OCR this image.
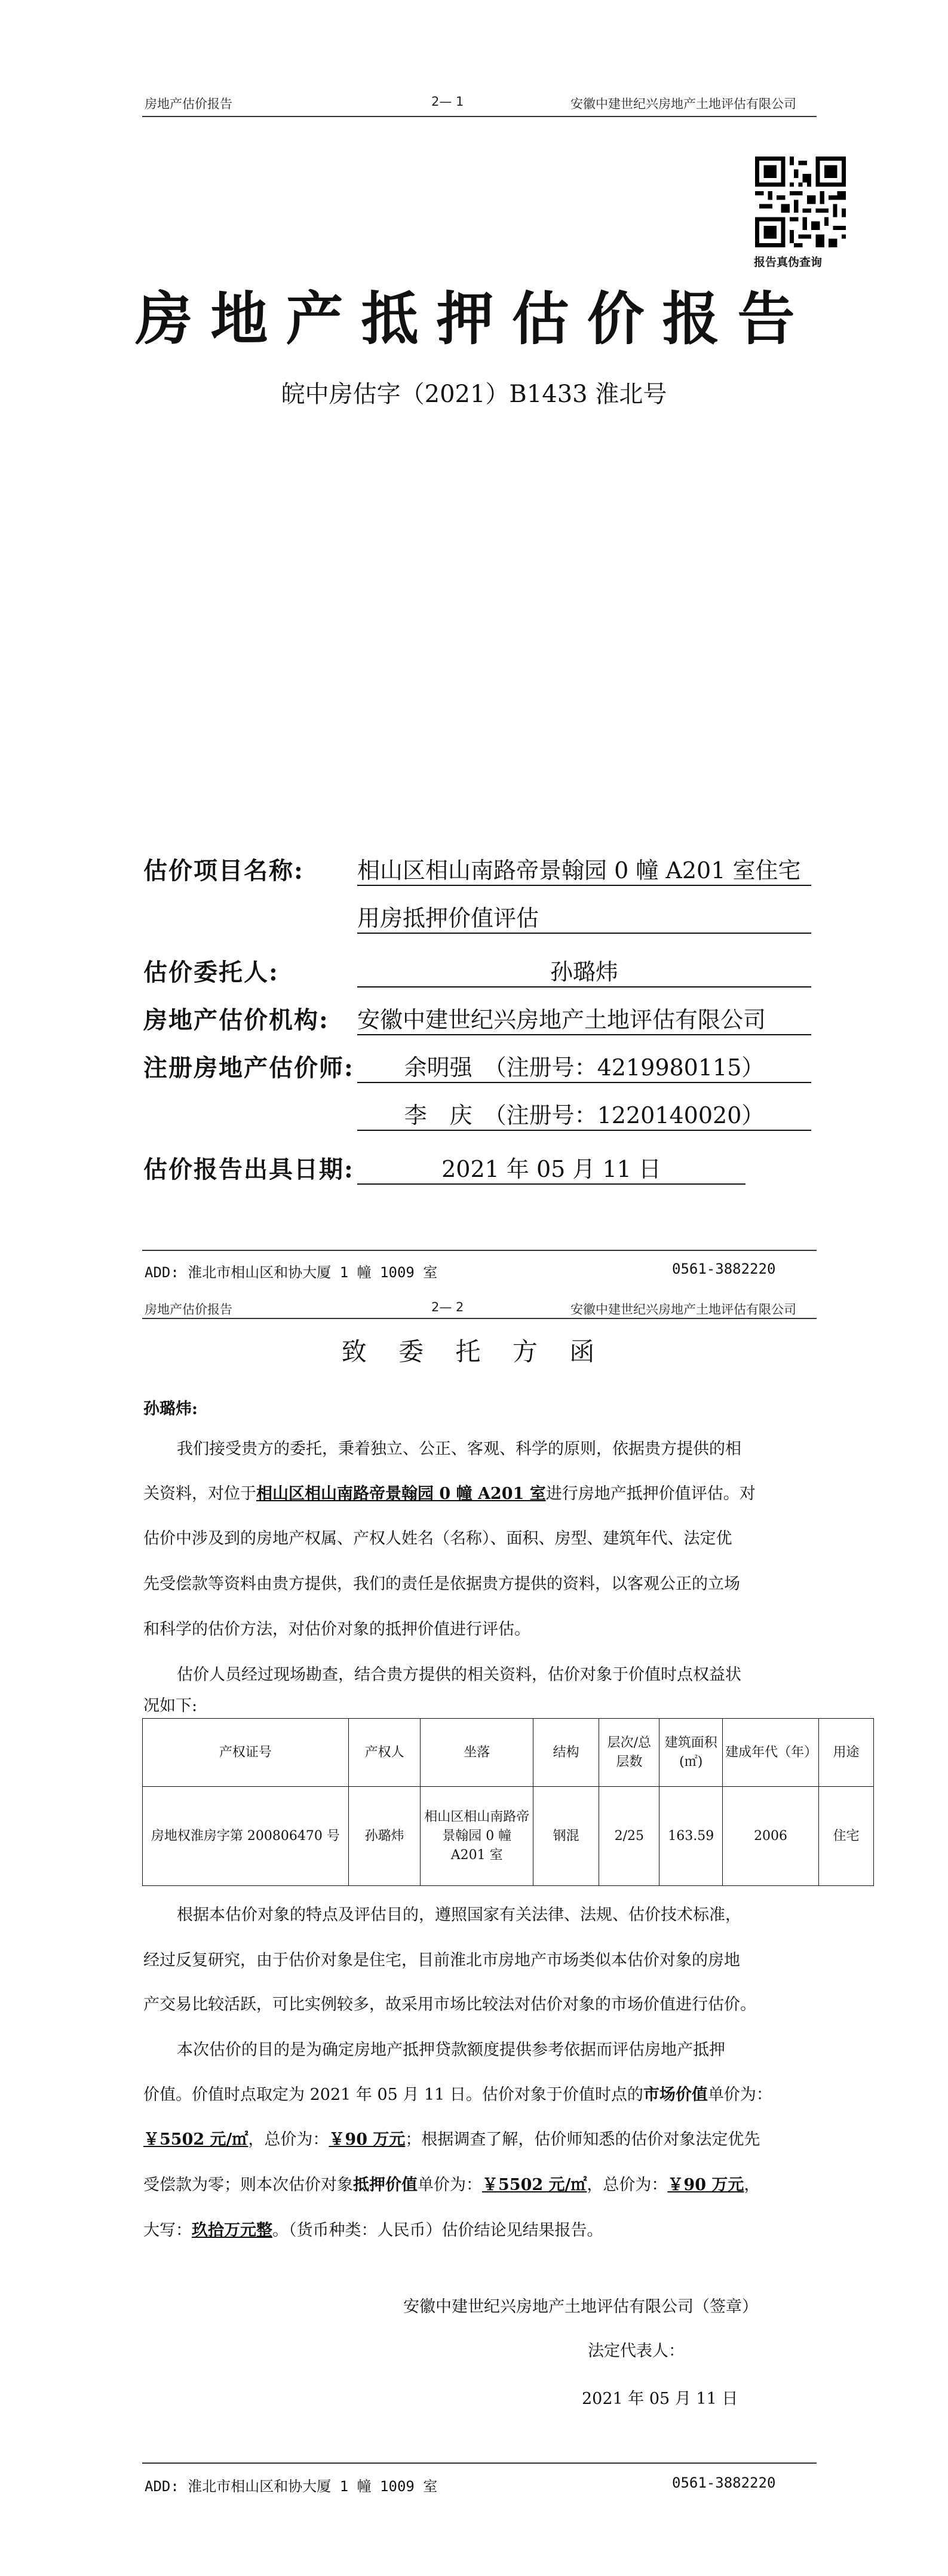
房地产估价报告	2— 1	安徽中建世纪兴房地产土地评估有限公司
报告真伪查询
房地产抵押估价报告
皖中房估字（2021）B1433 淮北号
估价项目名称: 相山区相山南路帝景翰园 0 幢 A201 室住宅
用房抵押价值评估
估价委托人:	孙璐炜
房地产估价机构: 安徽中建世纪兴房地产土地评估有限公司
注册房地产估价师:	余明强　（注册号：4219980115）
李　庆　（注册号：1220140020）
估价报告出具日期:	2021 年 05 月 11 日
ADD: 淮北市相山区和协大厦 1 幢 1009 室	0561-3882220
房地产估价报告	2— 2	安徽中建世纪兴房地产土地评估有限公司
致 委 托 方 函
孙璐炜:
我们接受贵方的委托，秉着独立、公正、客观、科学的原则，依据贵方提供的相
关资料，对位于相山区相山南路帝景翰园 0 幢 A201 室进行房地产抵押价值评估。对
估价中涉及到的房地产权属、产权人姓名（名称）、面积、房型、建筑年代、法定优
先受偿款等资料由贵方提供，我们的责任是依据贵方提供的资料，以客观公正的立场
和科学的估价方法，对估价对象的抵押价值进行评估。
估价人员经过现场勘查，结合贵方提供的相关资料，估价对象于价值时点权益状
况如下:
产权证号	产权人	坐落	结构	层次/总层数	建筑面积(㎡)	建成年代（年）	用途
房地权淮房字第 200806470 号	孙璐炜	相山区相山南路帝景翰园 0 幢 A201 室	钢混	2/25	163.59	2006	住宅
根据本估价对象的特点及评估目的，遵照国家有关法律、法规、估价技术标准，
经过反复研究，由于估价对象是住宅，目前淮北市房地产市场类似本估价对象的房地
产交易比较活跃，可比实例较多，故采用市场比较法对估价对象的市场价值进行估价。
本次估价的目的是为确定房地产抵押贷款额度提供参考依据而评估房地产抵押
价值。价值时点取定为 2021 年 05 月 11 日。估价对象于价值时点的市场价值单价为：
￥5502 元/㎡，总价为：￥90 万元；根据调查了解，估价师知悉的估价对象法定优先
受偿款为零；则本次估价对象抵押价值单价为：￥5502 元/㎡，总价为：￥90 万元，
大写：玖拾万元整。（货币种类：人民币）估价结论见结果报告。
安徽中建世纪兴房地产土地评估有限公司（签章）
法定代表人：
2021 年 05 月 11 日
ADD: 淮北市相山区和协大厦 1 幢 1009 室	0561-3882220
